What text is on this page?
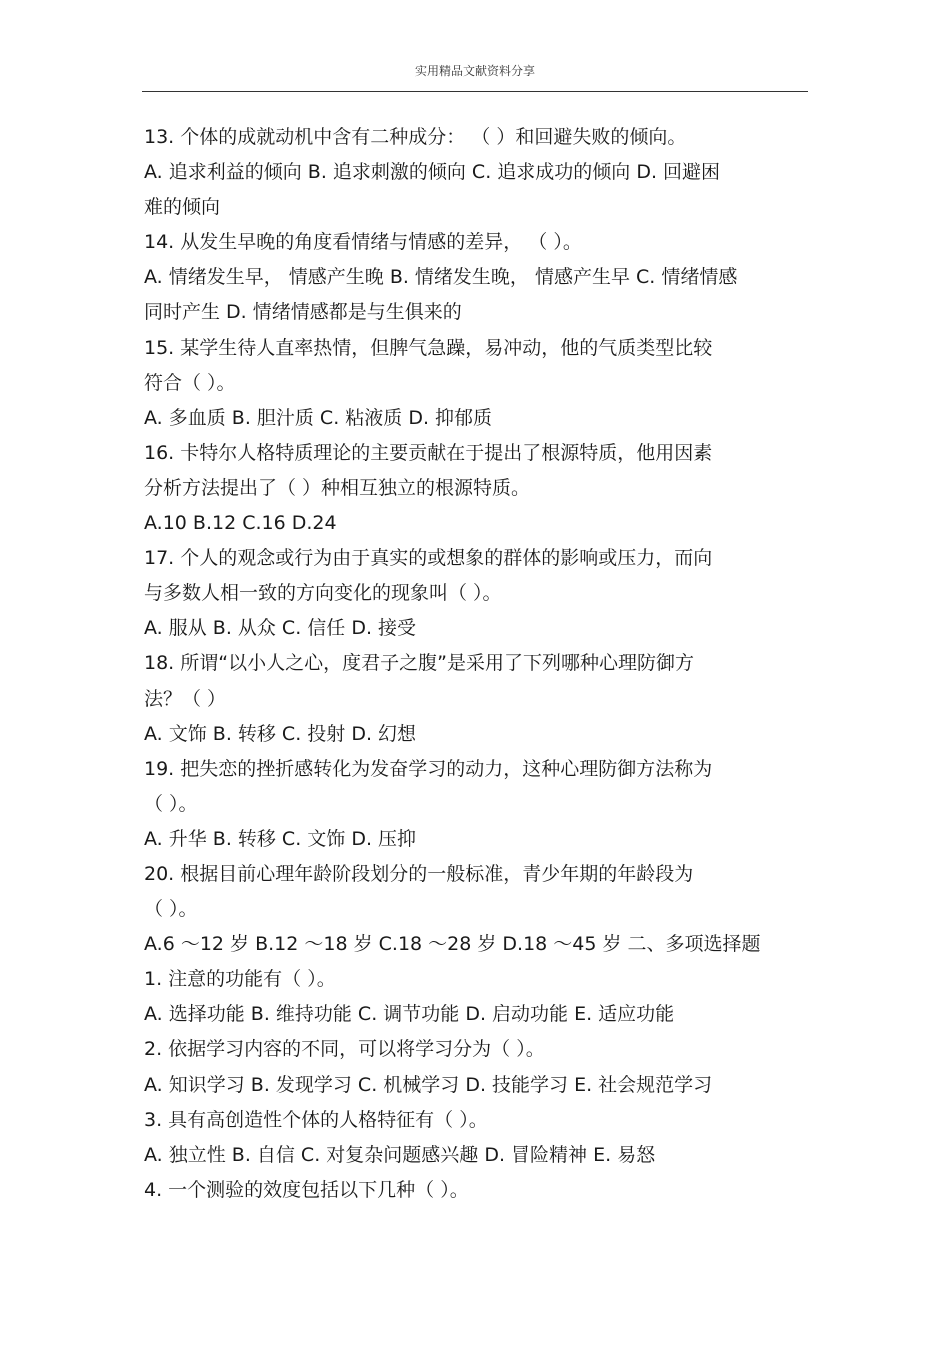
实用精品文献资料分享
13. 个体的成就动机中含有二种成分： （ ）和回避失败的倾向。
A. 追求利益的倾向 B. 追求刺激的倾向 C. 追求成功的倾向 D. 回避困
难的倾向
14. 从发生早晚的角度看情绪与情感的差异， （ ）。
A. 情绪发生早， 情感产生晚 B. 情绪发生晚， 情感产生早 C. 情绪情感
同时产生 D. 情绪情感都是与生俱来的
15. 某学生待人直率热情，但脾气急躁，易冲动，他的气质类型比较
符合（ ）。
A. 多血质 B. 胆汁质 C. 粘液质 D. 抑郁质
16. 卡特尔人格特质理论的主要贡献在于提出了根源特质，他用因素
分析方法提出了（ ）种相互独立的根源特质。
A.10 B.12 C.16 D.24
17. 个人的观念或行为由于真实的或想象的群体的影响或压力，而向
与多数人相一致的方向变化的现象叫（ ）。
A. 服从 B. 从众 C. 信任 D. 接受
18. 所谓“以小人之心，度君子之腹”是采用了下列哪种心理防御方
法？（ ）
A. 文饰 B. 转移 C. 投射 D. 幻想
19. 把失恋的挫折感转化为发奋学习的动力，这种心理防御方法称为
（ ）。
A. 升华 B. 转移 C. 文饰 D. 压抑
20. 根据目前心理年龄阶段划分的一般标准，青少年期的年龄段为
（ ）。
A.6 ～12 岁 B.12 ～18 岁 C.18 ～28 岁 D.18 ～45 岁 二、多项选择题
1. 注意的功能有（ ）。
A. 选择功能 B. 维持功能 C. 调节功能 D. 启动功能 E. 适应功能
2. 依据学习内容的不同，可以将学习分为（ ）。
A. 知识学习 B. 发现学习 C. 机械学习 D. 技能学习 E. 社会规范学习
3. 具有高创造性个体的人格特征有（ ）。
A. 独立性 B. 自信 C. 对复杂问题感兴趣 D. 冒险精神 E. 易怒
4. 一个测验的效度包括以下几种（ ）。
